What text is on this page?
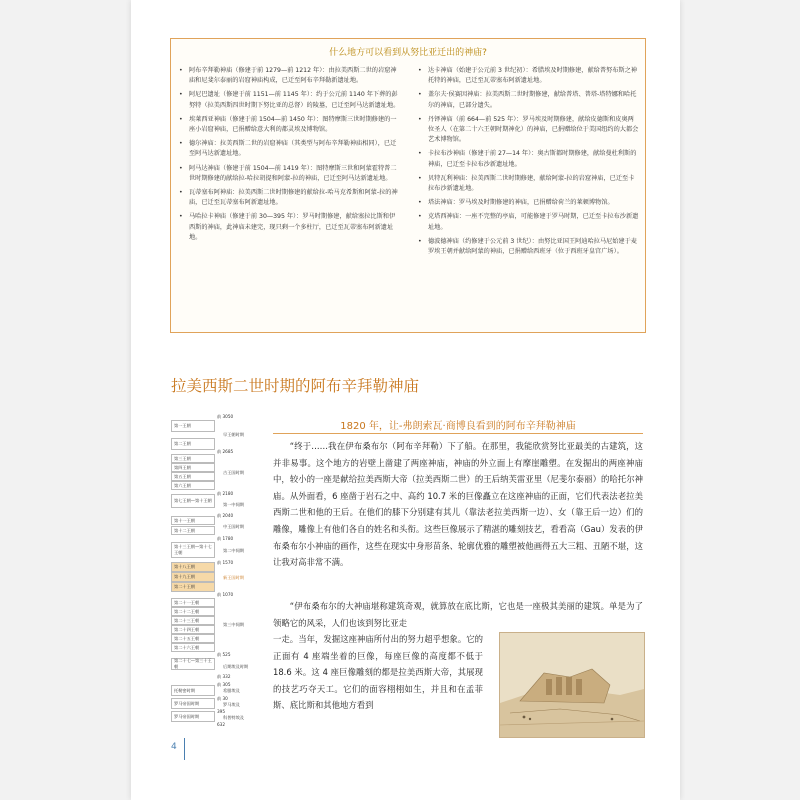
什么地方可以看到从努比亚迁出的神庙?
• 阿布辛拜勒神庙（修建于前 1279—前 1212 年）：由拉美西斯二世的岩窟神庙和尼斐尔泰丽的岩窟神庙构成，已迁至阿布辛拜勒新遗址地。
• 阿尼巴遗址（修建于前 1151—前 1145 年）：约于公元前 1140 年下葬的彭努特（拉美西斯四世时期下努比亚的总督）的陵墓，已迁至阿马达新遗址地。
• 埃莱西亚神庙（修建于前 1504—前 1450 年）：图特摩斯三世时期修建的一座小岩窟神庙，已捐赠给意大利的都灵埃及博物馆。
• 德尔神庙：拉美西斯二世的岩窟神庙（其类型与阿布辛拜勒神庙相同），已迁至阿马达新遗址地。
• 阿马达神庙（修建于前 1504—前 1419 年）：图特摩斯三世和阿蒙霍特普二世时期修建的献给拉-哈拉胡提和阿蒙-拉的神庙，已迁至阿马达新遗址地。
• 瓦蒂塞布阿神庙：拉美西斯二世时期修建的献给拉-哈马克希斯和阿蒙-拉的神庙，已迁至瓦蒂塞布阿新遗址地。
• 马哈拉卡神庙（修建于前 30—395 年）：罗马时期修建，献给塞拉比斯和伊西斯的神庙，此神庙未建完，现只剩一个多柱厅，已迁至瓦蒂塞布阿新遗址地。
• 达卡神庙（始建于公元前 3 世纪初）：希腊埃及时期修建，献给普努布斯之神托特的神庙，已迁至瓦蒂塞布阿新遗址地。
• 盖尔夫·侯赛因神庙：拉美西斯二世时期修建，献给普塔、普塔-塔特娜和哈托尔的神庙，已部分遗失。
• 丹铎神庙（前 664—前 525 年）：罗马埃及时期修建，献给皮德斯和皮奥两位圣人（在第二十六王朝时期神化）的神庙，已捐赠给位于美国纽约的大都会艺术博物馆。
• 卡拉布沙神庙（修建于前 27—14 年）：奥古斯都时期修建，献给曼杜利斯的神庙，已迁至卡拉布沙新遗址地。
• 贝特瓦利神庙：拉美西斯二世时期修建，献给阿蒙-拉的岩窟神庙，已迁至卡拉布沙新遗址地。
• 塔法神庙：罗马埃及时期修建的神庙，已捐赠给荷兰的莱顿博物馆。
• 克塔西神庙：一座不完整的亭庙，可能修建于罗马时期，已迁至卡拉布沙新遗址地。
• 德波德神庙（约修建于公元前 3 世纪）：由努比亚国王阿迪哈拉马尼始建于麦罗埃王朝并献给阿蒙的神庙，已捐赠给西班牙（位于西班牙皇宫广场）。
拉美西斯二世时期的阿布辛拜勒神庙
第一王朝
第二王朝
第三王朝
第四王朝
第五王朝
第六王朝
第七王朝—第十王朝
第十一王朝
第十二王朝
第十三王朝—第十七王朝
第十八王朝
第十九王朝
第二十王朝
第二十一王朝
第二十二王朝
第二十三王朝
第二十四王朝
第二十五王朝
第二十六王朝
第二十七—第三十王朝
托勒密时期
罗马帝国时期
罗马帝国时期
前 3050
前 2685
前 2180
前 2040
前 1780
前 1570
前 1070
前 525
前 332
前 305
前 30
395
632
早王朝时期
古王国时期
第一中间期
中王国时期
第二中间期
新王国时期
第三中间期
后期埃及时期
希腊埃及
罗马埃及
科普特埃及
1820 年，让-弗朗索瓦·商博良看到的阿布辛拜勒神庙
“终于……我在伊布桑布尔（阿布辛拜勒）下了船。在那里，我能欣赏努比亚最美的古建筑，这并非易事。这个地方的岩壁上凿建了两座神庙，神庙的外立面上有摩崖雕塑。在发掘出的两座神庙中，较小的一座是献给拉美西斯大帝（拉美西斯二世）的王后纳芙雷亚里（尼斐尔泰丽）的哈托尔神庙。从外面看，6 座凿于岩石之中、高约 10.7 米的巨像矗立在这座神庙的正面，它们代表法老拉美西斯二世和他的王后。在他们的膝下分别建有其儿（靠法老拉美西斯一边）、女（靠王后一边）们的雕像，雕像上有他们各自的姓名和头衔。这些巨像展示了精湛的雕刻技艺，看看高（Gau）发表的伊布桑布尔小神庙的画作，这些在现实中身形苗条、轮廓优雅的雕塑被他画得五大三粗、丑陋不堪，这让我对高非常不满。
“伊布桑布尔的大神庙堪称建筑奇观，就算放在底比斯，它也是一座极其美丽的建筑。单是为了领略它的风采，人们也该到努比亚走
一走。当年，发掘这座神庙所付出的努力超乎想象。它的正面有 4 座端坐着的巨像，每座巨像的高度都不低于 18.6 米。这 4 座巨像雕刻的都是拉美西斯大帝，其展现的技艺巧夺天工。它们的面容栩栩如生，并且和在孟菲斯、底比斯和其他地方看到
4
